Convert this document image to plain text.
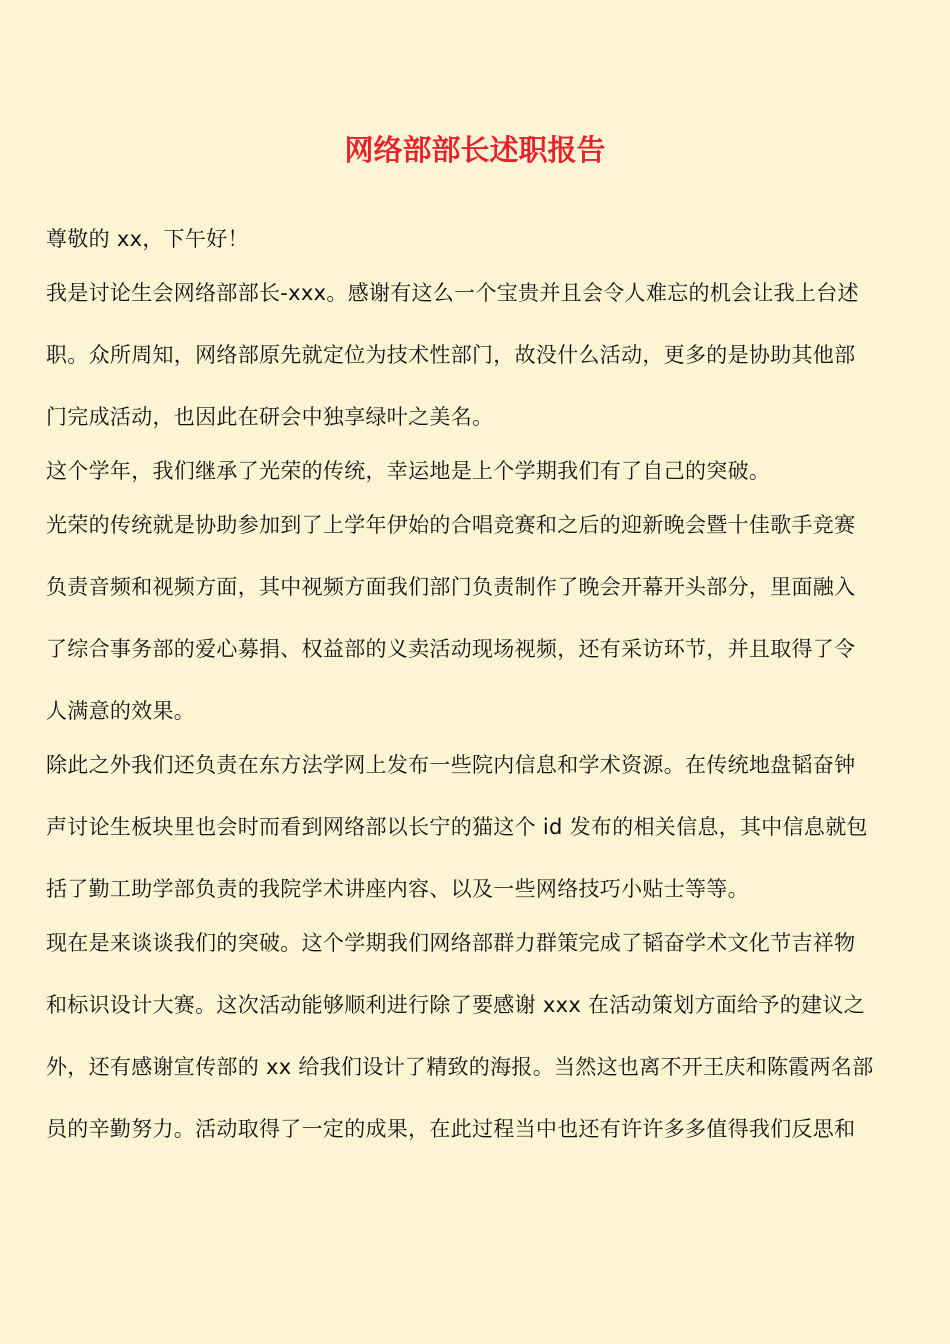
网络部部长述职报告

尊敬的 xx，下午好！

我是讨论生会网络部部长-xxx。感谢有这么一个宝贵并且会令人难忘的机会让我上台述
职。众所周知，网络部原先就定位为技术性部门，故没什么活动，更多的是协助其他部
门完成活动，也因此在研会中独享绿叶之美名。

这个学年，我们继承了光荣的传统，幸运地是上个学期我们有了自己的突破。

光荣的传统就是协助参加到了上学年伊始的合唱竞赛和之后的迎新晚会暨十佳歌手竞赛
负责音频和视频方面，其中视频方面我们部门负责制作了晚会开幕开头部分，里面融入
了综合事务部的爱心募捐、权益部的义卖活动现场视频，还有采访环节，并且取得了令
人满意的效果。

除此之外我们还负责在东方法学网上发布一些院内信息和学术资源。在传统地盘韬奋钟
声讨论生板块里也会时而看到网络部以长宁的猫这个 id 发布的相关信息，其中信息就包
括了勤工助学部负责的我院学术讲座内容、以及一些网络技巧小贴士等等。

现在是来谈谈我们的突破。这个学期我们网络部群力群策完成了韬奋学术文化节吉祥物
和标识设计大赛。这次活动能够顺利进行除了要感谢 xxx 在活动策划方面给予的建议之
外，还有感谢宣传部的 xx 给我们设计了精致的海报。当然这也离不开王庆和陈霞两名部
员的辛勤努力。活动取得了一定的成果，在此过程当中也还有许许多多值得我们反思和
